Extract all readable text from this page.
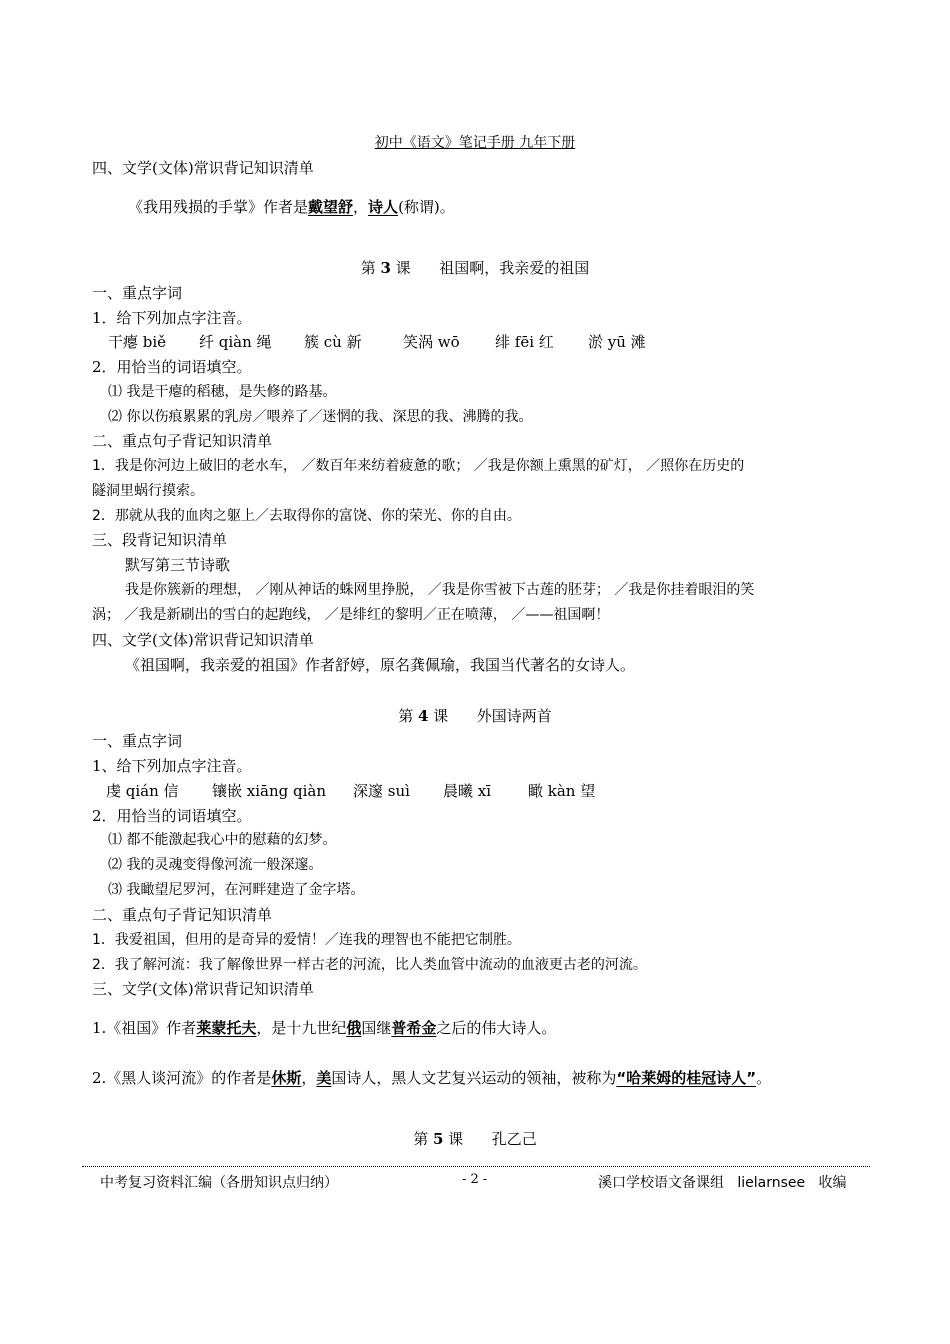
初中《语文》笔记手册 九年下册
四、文学(文体)常识背记知识清单
《我用残损的手掌》作者是戴望舒，诗人(称谓)。
第 3 课      祖国啊，我亲爱的祖国
一、重点字词
1．给下列加点字注音。
干瘪 biě 纤 qiàn 绳 簇 cù 新	笑涡 wō 绯 fēi 红 淤 yū 滩
2．用恰当的词语填空。
⑴ 我是干瘪的稻穗，是失修的路基。
⑵ 你以伤痕累累的乳房／喂养了／迷惘的我、深思的我、沸腾的我。
二、重点句子背记知识清单
1．我是你河边上破旧的老水车， ／数百年来纺着疲惫的歌； ／我是你额上熏黑的矿灯， ／照你在历史的
隧洞里蜗行摸索。
2．那就从我的血肉之躯上／去取得你的富饶、你的荣光、你的自由。
三、段背记知识清单
默写第三节诗歌
我是你簇新的理想， ／刚从神话的蛛网里挣脱， ／我是你雪被下古莲的胚芽； ／我是你挂着眼泪的笑
涡； ／我是新刷出的雪白的起跑线， ／是绯红的黎明／正在喷薄， ／——祖国啊！
四、文学(文体)常识背记知识清单
《祖国啊，我亲爱的祖国》作者舒婷，原名龚佩瑜，我国当代著名的女诗人。
第 4 课      外国诗两首
一、重点字词
1、给下列加点字注音。
虔 qián 信 镶嵌 xiāng qiàn 深邃 suì 晨曦 xī 瞰 kàn 望
2．用恰当的词语填空。
⑴ 都不能激起我心中的慰藉的幻梦。
⑵ 我的灵魂变得像河流一般深邃。
⑶ 我瞰望尼罗河，在河畔建造了金字塔。
二、重点句子背记知识清单
1．我爱祖国，但用的是奇异的爱情！／连我的理智也不能把它制胜。
2．我了解河流：我了解像世界一样古老的河流，比人类血管中流动的血液更古老的河流。
三、文学(文体)常识背记知识清单
1.《祖国》作者莱蒙托夫，是十九世纪俄国继普希金之后的伟大诗人。
2.《黑人谈河流》的作者是休斯，美国诗人，黑人文艺复兴运动的领袖，被称为“哈莱姆的桂冠诗人”。
第 5 课      孔乙己
中考复习资料汇编（各册知识点归纳）	- 2 -	溪口学校语文备课组   lielarnsee   收编
